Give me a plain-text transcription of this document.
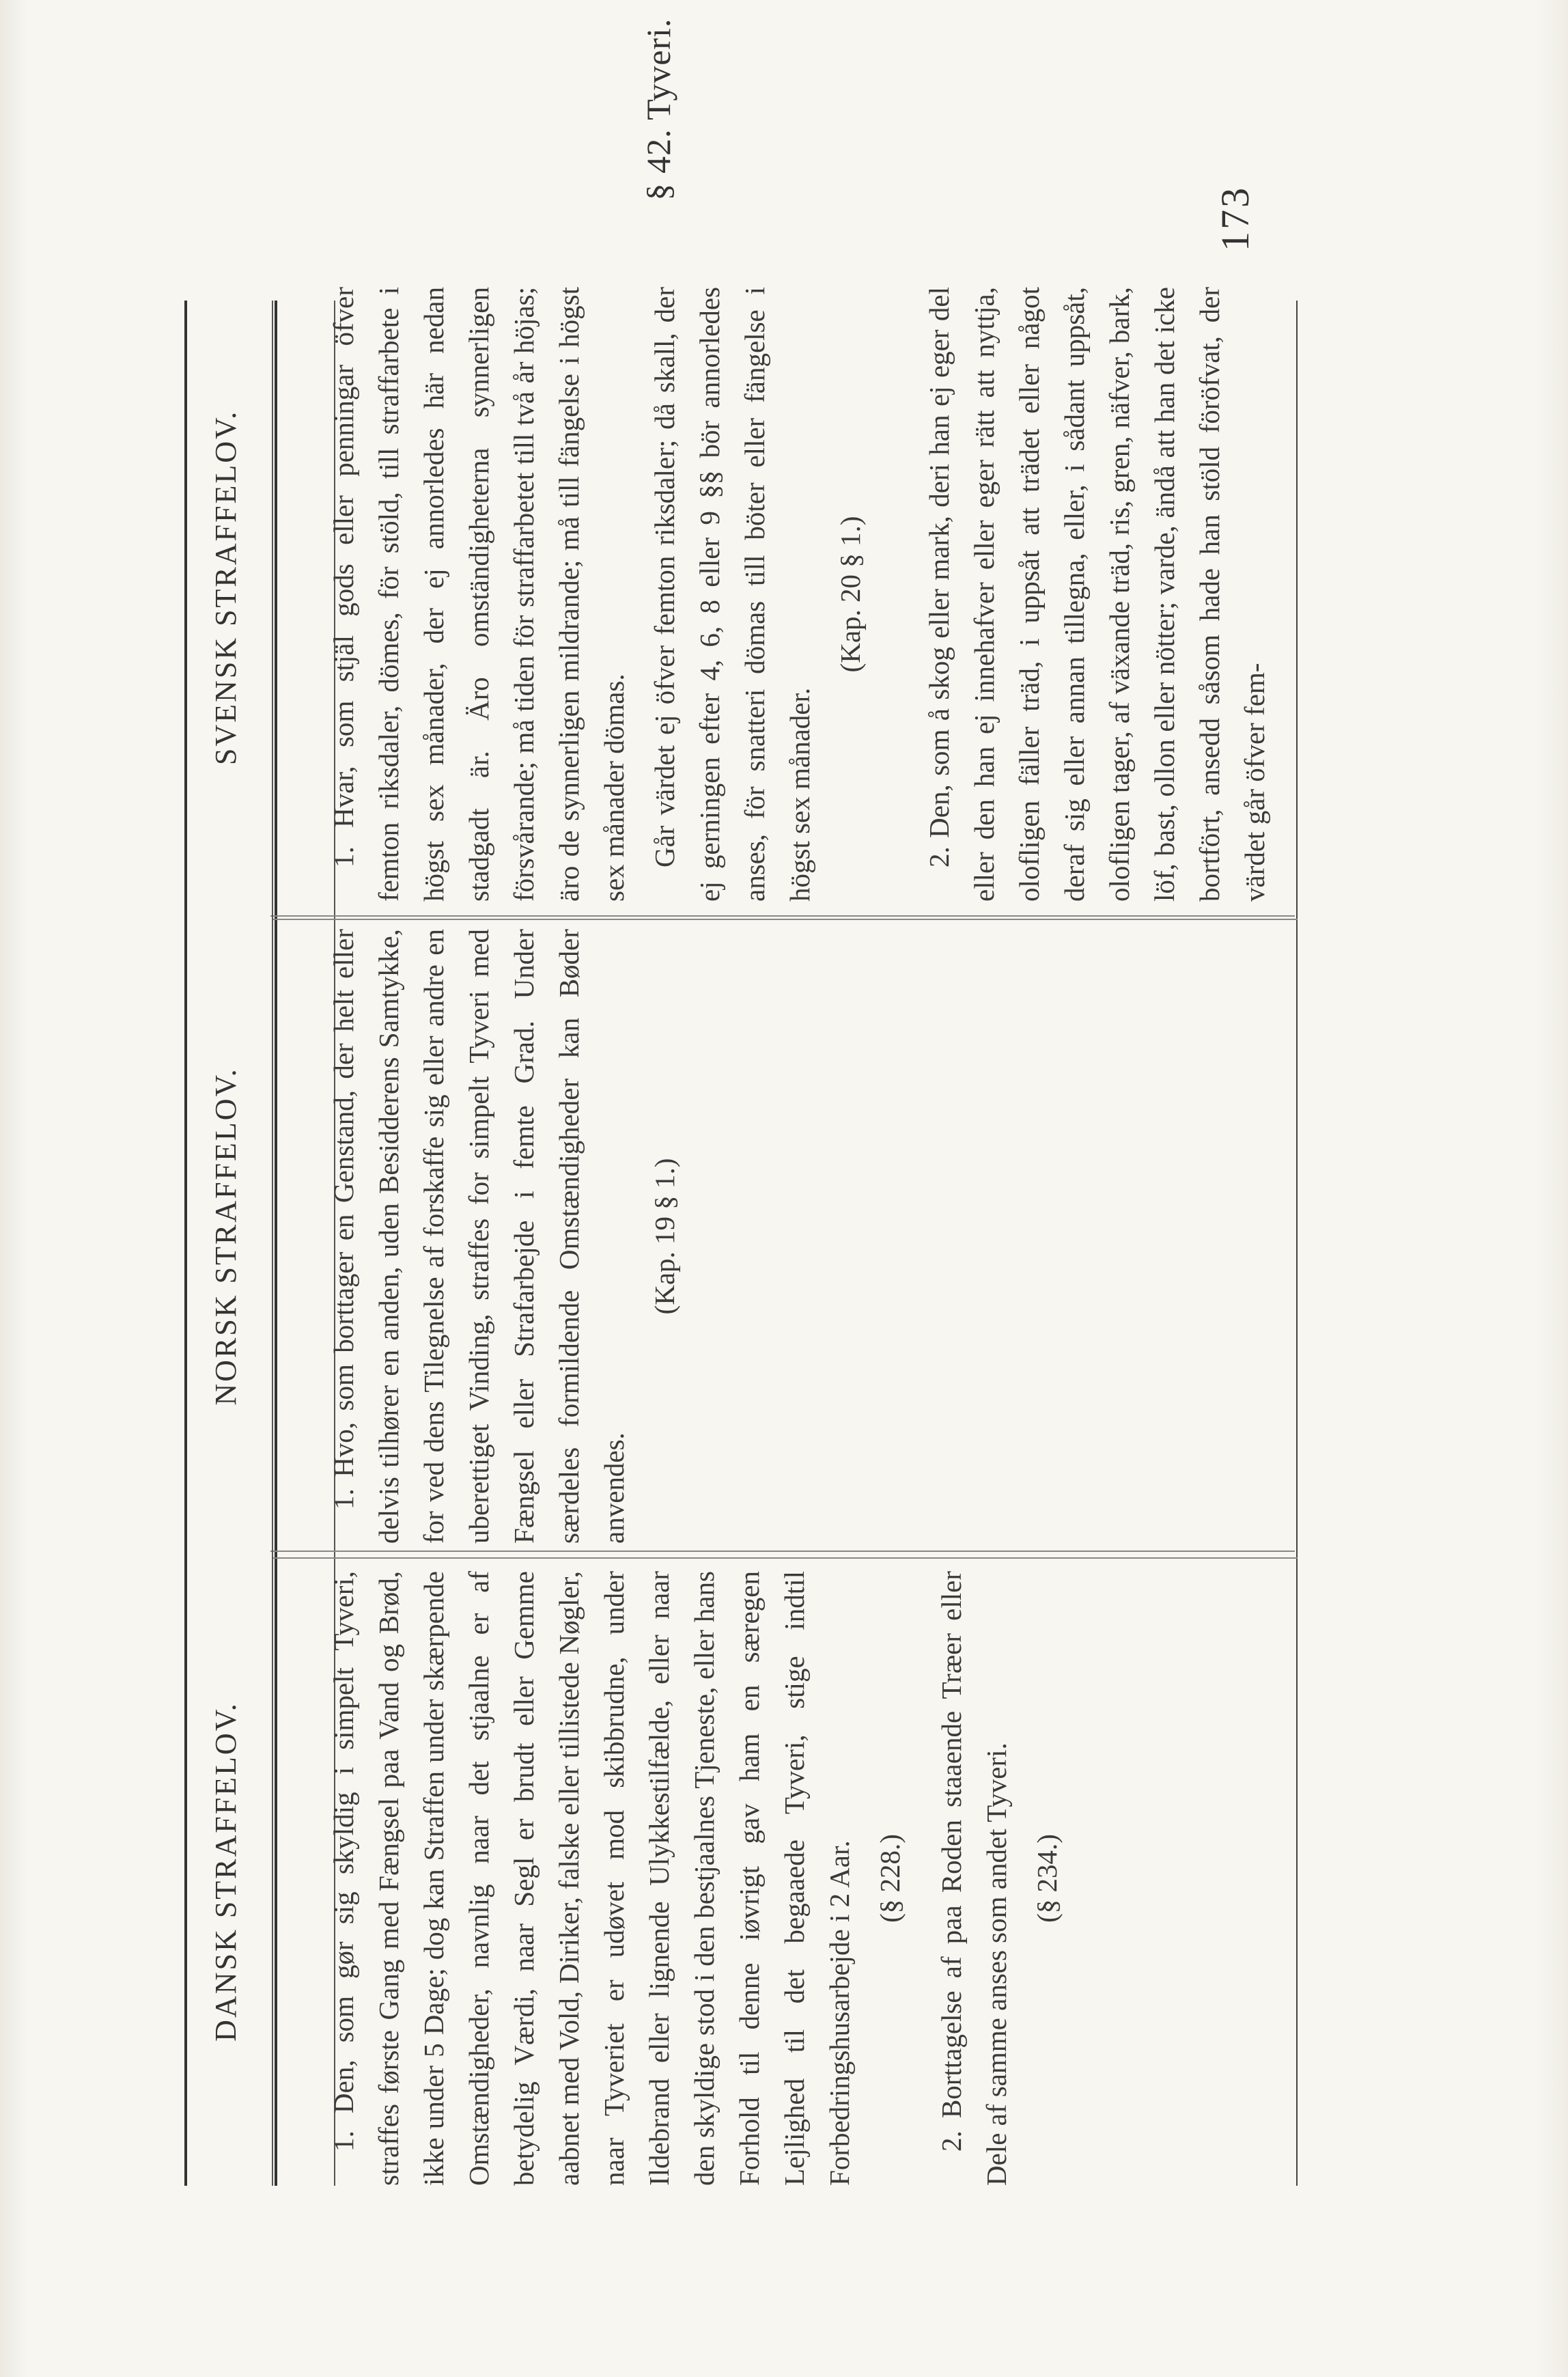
§ 42. Tyveri.
173
DANSK STRAFFELOV.
NORSK STRAFFELOV.
SVENSK STRAFFELOV.

1. Den, som gør sig skyldig i simpelt Tyveri, straffes første Gang med Fængsel paa Vand og Brød, ikke under 5 Dage; dog kan Straffen under skærpende Omstændigheder, navnlig naar det stjaalne er af betydelig Værdi, naar Segl er brudt eller Gemme aabnet med Vold, Diriker, falske eller tillistede Nøgler, naar Tyveriet er udøvet mod skibbrudne, under Ildebrand eller lignende Ulykkestilfælde, eller naar den skyldige stod i den bestjaalnes Tjeneste, eller hans Forhold til denne iøvrigt gav ham en særegen Lejlighed til det begaaede Tyveri, stige indtil Forbedringshusarbejde i 2 Aar. (§ 228.) 2. Borttagelse af paa Roden staaende Træer eller Dele af samme anses som andet Tyveri. (§ 234.)

1. Hvo, som borttager en Genstand, der helt eller delvis tilhører en anden, uden Besidderens Samtykke, for ved dens Tilegnelse af forskaffe sig eller andre en uberettiget Vinding, straffes for simpelt Tyveri med Fængsel eller Strafarbejde i femte Grad. Under særdeles formildende Omstændigheder kan Bøder anvendes.

(Kap. 19 § 1.)

1. Hvar, som stjäl gods eller penningar öfver femton riksdaler, dömes, för stöld, till straffarbete i högst sex månader, der ej annorledes här nedan stadgadt är. Äro omständigheterna synnerligen försvårande; må tiden för straffarbetet till två år höjas; äro de synnerligen mildrande; må till fängelse i högst sex månader dömas. Går värdet ej öfver femton riksdaler; då skall, der ej gerningen efter 4, 6, 8 eller 9 §§ bör annorledes anses, för snatteri dömas till böter eller fängelse i högst sex månader.

(Kap. 20 § 1.) 2. Den, som å skog eller mark, deri han ej eger del eller den han ej innehafver eller eger rätt att nyttja, olofligen fäller träd, i uppsåt att trädet eller något deraf sig eller annan tillegna, eller, i sådant uppsåt, olofligen tager, af växande träd, ris, gren, näfver, bark, löf, bast, ollon eller nötter; varde, ändå att han det icke bortfört, ansedd såsom hade han stöld föröfvat, der värdet går öfver fem-
